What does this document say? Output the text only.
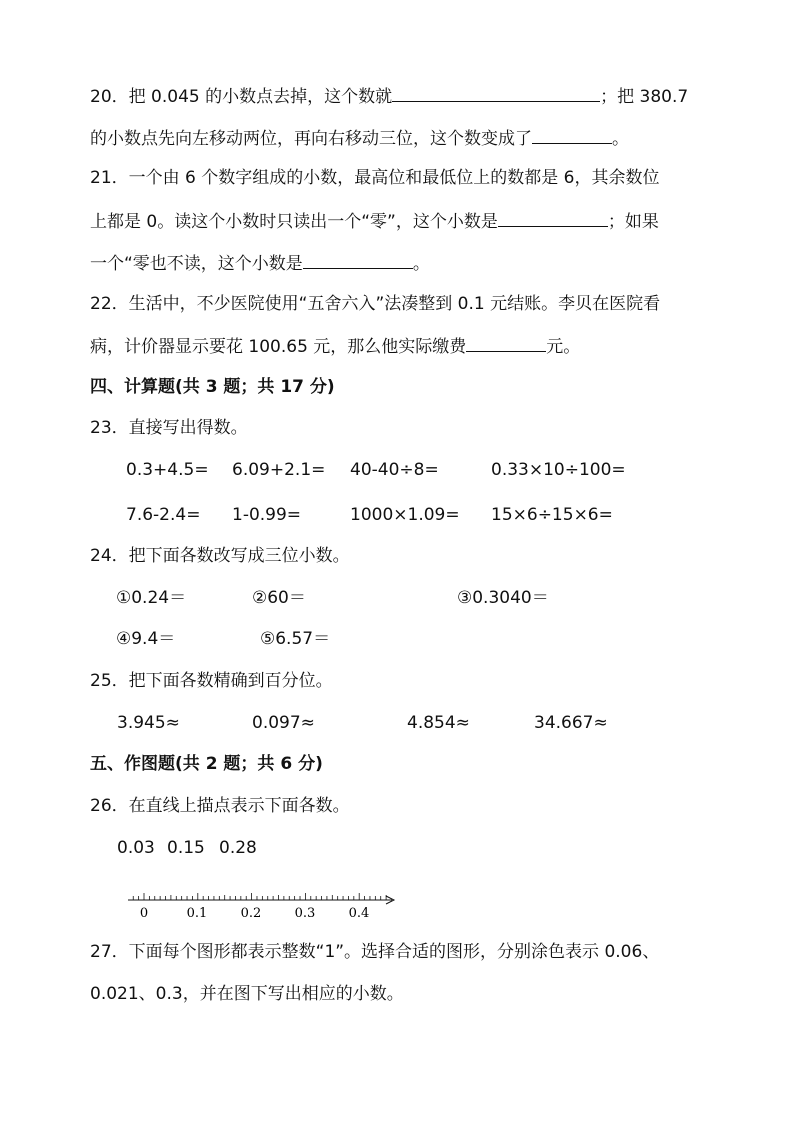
20．把 0.045 的小数点去掉，这个数就	；把 380.7
的小数点先向左移动两位，再向右移动三位，这个数变成了	。
21．一个由 6 个数字组成的小数，最高位和最低位上的数都是 6，其余数位
上都是 0。读这个小数时只读出一个“零”，这个小数是	；如果
一个“零也不读，这个小数是	。
22．生活中，不少医院使用“五舍六入”法凑整到 0.1 元结账。李贝在医院看
病，计价器显示要花 100.65 元，那么他实际缴费	元。
四、计算题(共 3 题；共 17 分)
23．直接写出得数。
0.3+4.5= 6.09+2.1= 40-40÷8=	0.33×10÷100=
7.6-2.4= 1-0.99=	1000×1.09= 15×6÷15×6=
24．把下面各数改写成三位小数。
①0.24＝	②60＝	③0.3040＝
④9.4＝	⑤6.57＝
25．把下面各数精确到百分位。
3.945≈	0.097≈	4.854≈	34.667≈
五、作图题(共 2 题；共 6 分)
26．在直线上描点表示下面各数。
0.03 0.15 0.28
0	0.1	0.2	0.3	0.4
27．下面每个图形都表示整数“1”。选择合适的图形，分别涂色表示 0.06、
0.021、0.3，并在图下写出相应的小数。
